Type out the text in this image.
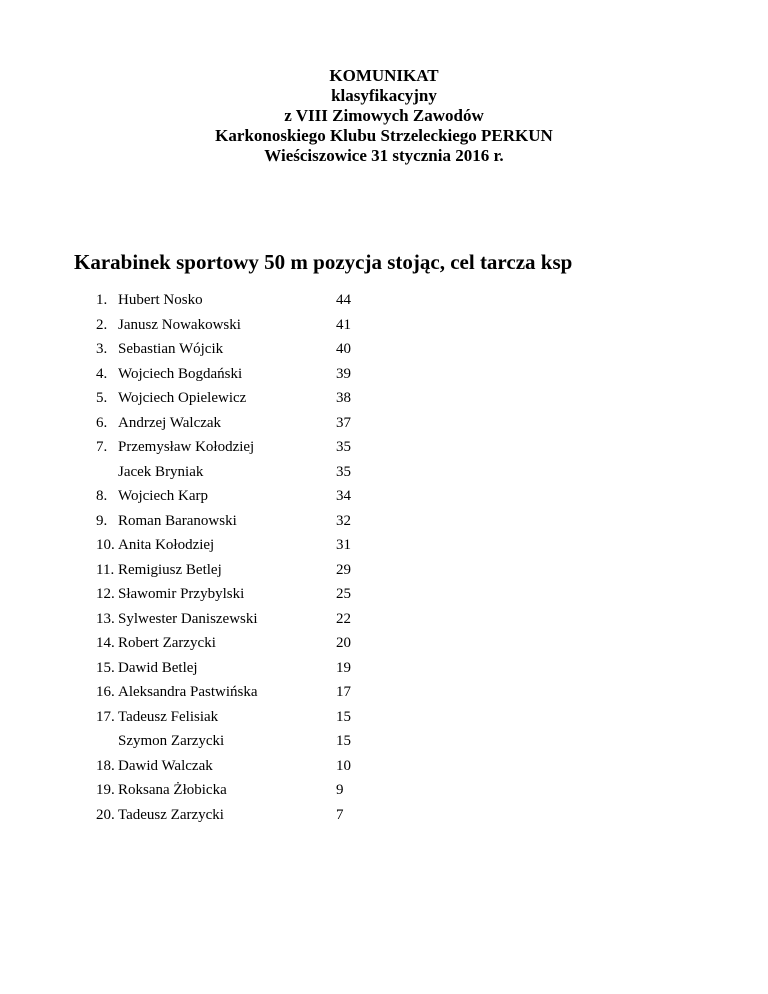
KOMUNIKAT
klasyfikacyjny
z VIII Zimowych Zawodów
Karkonoskiego Klubu Strzeleckiego PERKUN
Wieściszowice 31 stycznia 2016 r.
Karabinek sportowy 50 m pozycja stojąc, cel tarcza ksp
1. Hubert Nosko	44
2. Janusz Nowakowski	41
3. Sebastian Wójcik	40
4. Wojciech Bogdański	39
5. Wojciech Opielewicz	38
6. Andrzej Walczak	37
7. Przemysław Kołodziej	35
Jacek Bryniak	35
8. Wojciech Karp	34
9. Roman Baranowski	32
10. Anita Kołodziej	31
11. Remigiusz Betlej	29
12. Sławomir Przybylski	25
13. Sylwester Daniszewski	22
14. Robert Zarzycki	20
15. Dawid Betlej	19
16. Aleksandra Pastwińska	17
17. Tadeusz Felisiak	15
Szymon Zarzycki	15
18. Dawid Walczak	10
19. Roksana Żłobicka	9
20. Tadeusz Zarzycki	7
